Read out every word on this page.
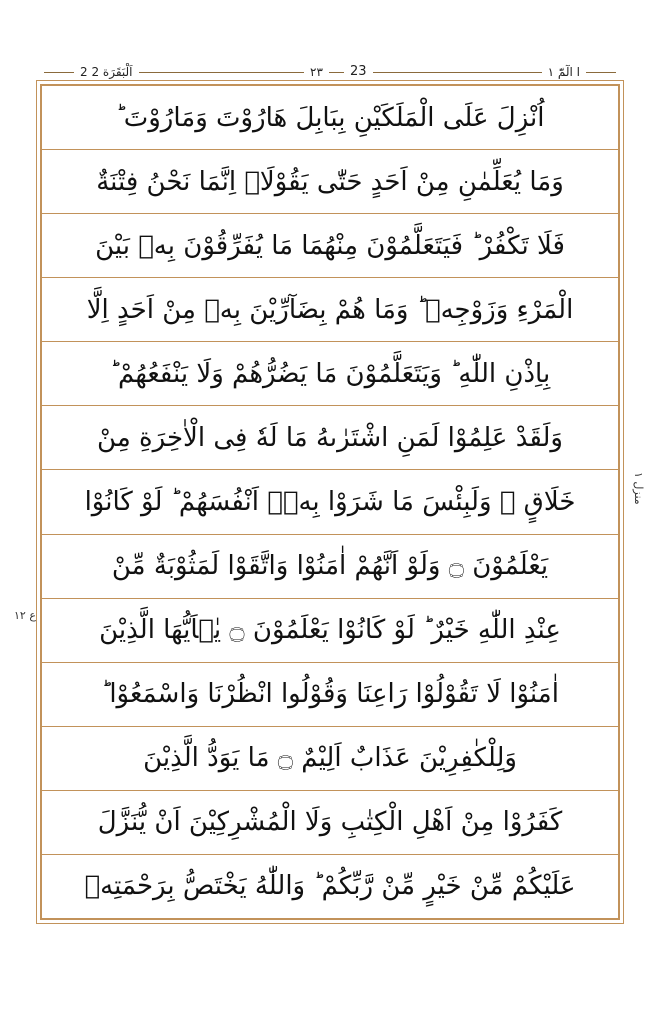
2 اَلْبَقَرَة 2	٢٣	23	ا الٓمّٓ ١
اُنْزِلَ عَلَى الْمَلَكَيْنِ بِبَابِلَ هَارُوْتَ وَمَارُوْتَ ؕ
وَمَا يُعَلِّمٰنِ مِنْ اَحَدٍ حَتّٰى يَقُوْلَاۤ اِنَّمَا نَحْنُ فِتْنَةٌ
فَلَا تَكْفُرْ ؕ فَيَتَعَلَّمُوْنَ مِنْهُمَا مَا يُفَرِّقُوْنَ بِهٖ بَيْنَ
الْمَرْءِ وَزَوْجِهٖ ؕ وَمَا هُمْ بِضَآرِّيْنَ بِهٖ مِنْ اَحَدٍ اِلَّا
بِاِذْنِ اللّٰهِ ؕ وَيَتَعَلَّمُوْنَ مَا يَضُرُّهُمْ وَلَا يَنْفَعُهُمْ ؕ
وَلَقَدْ عَلِمُوْا لَمَنِ اشْتَرٰىهُ مَا لَهٗ فِى الْاٰخِرَةِ مِنْ
خَلَاقٍ ۛ وَلَبِئْسَ مَا شَرَوْا بِهٖۤ اَنْفُسَهُمْ ؕ لَوْ كَانُوْا
يَعْلَمُوْنَ ۝ وَلَوْ اَنَّهُمْ اٰمَنُوْا وَاتَّقَوْا لَمَثُوْبَةٌ مِّنْ
عِنْدِ اللّٰهِ خَيْرٌ ؕ لَوْ كَانُوْا يَعْلَمُوْنَ ۝ يٰۤاَيُّهَا الَّذِيْنَ
اٰمَنُوْا لَا تَقُوْلُوْا رَاعِنَا وَقُوْلُوا انْظُرْنَا وَاسْمَعُوْا ؕ
وَلِلْكٰفِرِيْنَ عَذَابٌ اَلِيْمٌ ۝ مَا يَوَدُّ الَّذِيْنَ
كَفَرُوْا مِنْ اَهْلِ الْكِتٰبِ وَلَا الْمُشْرِكِيْنَ اَنْ يُّنَزَّلَ
عَلَيْكُمْ مِّنْ خَيْرٍ مِّنْ رَّبِّكُمْ ؕ وَاللّٰهُ يَخْتَصُّ بِرَحْمَتِهٖ
منزل ١
ع ١٢
